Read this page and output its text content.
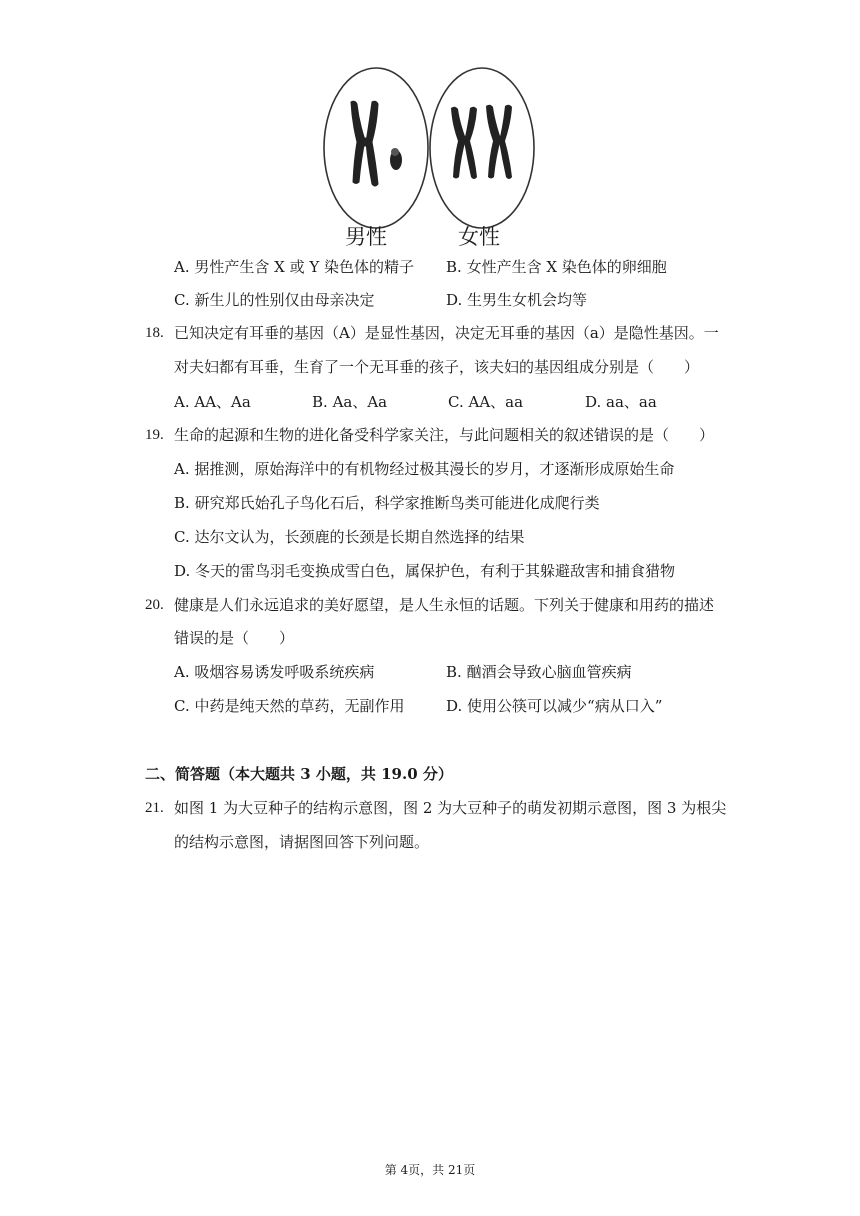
男性	女性
A. 男性产生含 X 或 Y 染色体的精子 B. 女性产生含 X 染色体的卵细胞
C. 新生儿的性别仅由母亲决定	D. 生男生女机会均等
18. 已知决定有耳垂的基因（A）是显性基因，决定无耳垂的基因（a）是隐性基因。一
对夫妇都有耳垂，生育了一个无耳垂的孩子，该夫妇的基因组成分别是（　　）
A. AA、Aa	B. Aa、Aa	C. AA、aa	D. aa、aa
19. 生命的起源和生物的进化备受科学家关注，与此问题相关的叙述错误的是（　　）
A. 据推测，原始海洋中的有机物经过极其漫长的岁月，才逐渐形成原始生命
B. 研究郑氏始孔子鸟化石后，科学家推断鸟类可能进化成爬行类
C. 达尔文认为，长颈鹿的长颈是长期自然选择的结果
D. 冬天的雷鸟羽毛变换成雪白色，属保护色，有利于其躲避敌害和捕食猎物
20. 健康是人们永远追求的美好愿望，是人生永恒的话题。下列关于健康和用药的描述
错误的是（　　）
A. 吸烟容易诱发呼吸系统疾病	B. 酗酒会导致心脑血管疾病
C. 中药是纯天然的草药，无副作用	D. 使用公筷可以减少“病从口入”
二、简答题（本大题共 3 小题，共 19.0 分）
21. 如图 1 为大豆种子的结构示意图，图 2 为大豆种子的萌发初期示意图，图 3 为根尖
的结构示意图，请据图回答下列问题。
第 4页，共 21页
